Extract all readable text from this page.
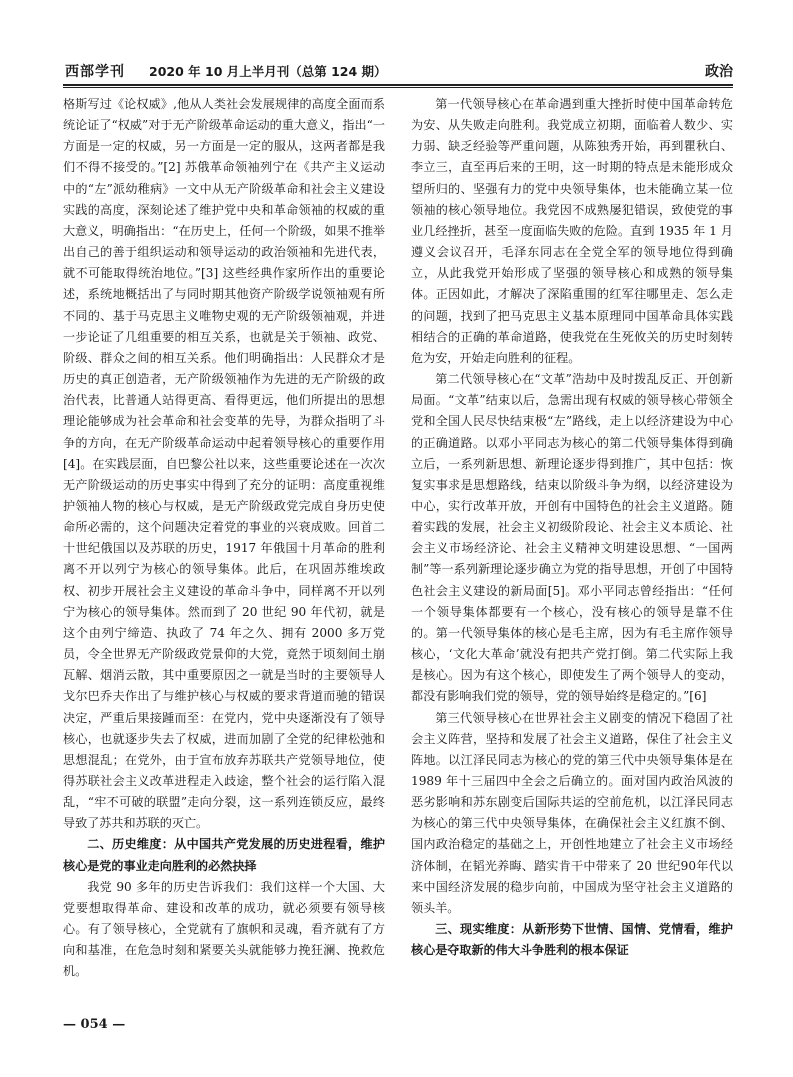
西部学刊 2020 年 10 月上半月刊（总第 124 期）	政治

格斯写过《论权威》,他从人类社会发展规律的高度全面而系统论证了“权威”对于无产阶级革命运动的重大意义，指出“一方面是一定的权威，另一方面是一定的服从，这两者都是我们不得不接受的。”[2] 苏俄革命领袖列宁在《共产主义运动中的“左”派幼稚病》一文中从无产阶级革命和社会主义建设实践的高度，深刻论述了维护党中央和革命领袖的权威的重大意义，明确指出：“在历史上，任何一个阶级，如果不推举出自己的善于组织运动和领导运动的政治领袖和先进代表，就不可能取得统治地位。”[3] 这些经典作家所作出的重要论述，系统地概括出了与同时期其他资产阶级学说领袖观有所不同的、基于马克思主义唯物史观的无产阶级领袖观，并进一步论证了几组重要的相互关系，也就是关于领袖、政党、阶级、群众之间的相互关系。他们明确指出：人民群众才是历史的真正创造者，无产阶级领袖作为先进的无产阶级的政治代表，比普通人站得更高、看得更远，他们所提出的思想理论能够成为社会革命和社会变革的先导，为群众指明了斗争的方向，在无产阶级革命运动中起着领导核心的重要作用[4]。在实践层面，自巴黎公社以来，这些重要论述在一次次无产阶级运动的历史事实中得到了充分的证明：高度重视维护领袖人物的核心与权威，是无产阶级政党完成自身历史使命所必需的，这个问题决定着党的事业的兴衰成败。回首二十世纪俄国以及苏联的历史，1917 年俄国十月革命的胜利离不开以列宁为核心的领导集体。此后，在巩固苏维埃政权、初步开展社会主义建设的革命斗争中，同样离不开以列宁为核心的领导集体。然而到了 20 世纪 90 年代初，就是这个由列宁缔造、执政了 74 年之久、拥有 2000 多万党员，令全世界无产阶级政党景仰的大党，竟然于顷刻间土崩瓦解、烟消云散，其中重要原因之一就是当时的主要领导人戈尔巴乔夫作出了与维护核心与权威的要求背道而驰的错误决定，严重后果接踵而至：在党内，党中央逐渐没有了领导核心，也就逐步失去了权威，进而加剧了全党的纪律松弛和思想混乱；在党外，由于宣布放弃苏联共产党领导地位，使得苏联社会主义改革进程走入歧途，整个社会的运行陷入混乱，“牢不可破的联盟”走向分裂，这一系列连锁反应，最终导致了苏共和苏联的灭亡。

二、历史维度：从中国共产党发展的历史进程看，维护核心是党的事业走向胜利的必然抉择

我党 90 多年的历史告诉我们：我们这样一个大国、大党要想取得革命、建设和改革的成功，就必须要有领导核心。有了领导核心，全党就有了旗帜和灵魂，看齐就有了方向和基准，在危急时刻和紧要关头就能够力挽狂澜、挽救危机。

第一代领导核心在革命遇到重大挫折时使中国革命转危为安、从失败走向胜利。我党成立初期，面临着人数少、实力弱、缺乏经验等严重问题，从陈独秀开始，再到瞿秋白、李立三，直至再后来的王明，这一时期的特点是未能形成众望所归的、坚强有力的党中央领导集体，也未能确立某一位领袖的核心领导地位。我党因不成熟屡犯错误，致使党的事业几经挫折，甚至一度面临失败的危险。直到 1935 年 1 月遵义会议召开，毛泽东同志在全党全军的领导地位得到确立，从此我党开始形成了坚强的领导核心和成熟的领导集体。正因如此，才解决了深陷重围的红军往哪里走、怎么走的问题，找到了把马克思主义基本原理同中国革命具体实践相结合的正确的革命道路，使我党在生死攸关的历史时刻转危为安，开始走向胜利的征程。

第二代领导核心在“文革”浩劫中及时拨乱反正、开创新局面。“文革”结束以后，急需出现有权威的领导核心带领全党和全国人民尽快结束极“左”路线，走上以经济建设为中心的正确道路。以邓小平同志为核心的第二代领导集体得到确立后，一系列新思想、新理论逐步得到推广，其中包括：恢复实事求是思想路线，结束以阶级斗争为纲，以经济建设为中心，实行改革开放，开创有中国特色的社会主义道路。随着实践的发展，社会主义初级阶段论、社会主义本质论、社会主义市场经济论、社会主义精神文明建设思想、“一国两制”等一系列新理论逐步确立为党的指导思想，开创了中国特色社会主义建设的新局面[5]。邓小平同志曾经指出：“任何一个领导集体都要有一个核心，没有核心的领导是靠不住的。第一代领导集体的核心是毛主席，因为有毛主席作领导核心，‘文化大革命’就没有把共产党打倒。第二代实际上我是核心。因为有这个核心，即使发生了两个领导人的变动，都没有影响我们党的领导，党的领导始终是稳定的。”[6]

第三代领导核心在世界社会主义剧变的情况下稳固了社会主义阵营，坚持和发展了社会主义道路，保住了社会主义阵地。以江泽民同志为核心的党的第三代中央领导集体是在 1989 年十三届四中全会之后确立的。面对国内政治风波的恶劣影响和苏东剧变后国际共运的空前危机，以江泽民同志为核心的第三代中央领导集体，在确保社会主义红旗不倒、国内政治稳定的基础之上，开创性地建立了社会主义市场经济体制，在韬光养晦、踏实肯干中带来了 20 世纪90年代以来中国经济发展的稳步向前，中国成为坚守社会主义道路的领头羊。

三、现实维度：从新形势下世情、国情、党情看，维护核心是夺取新的伟大斗争胜利的根本保证
— 054 —
